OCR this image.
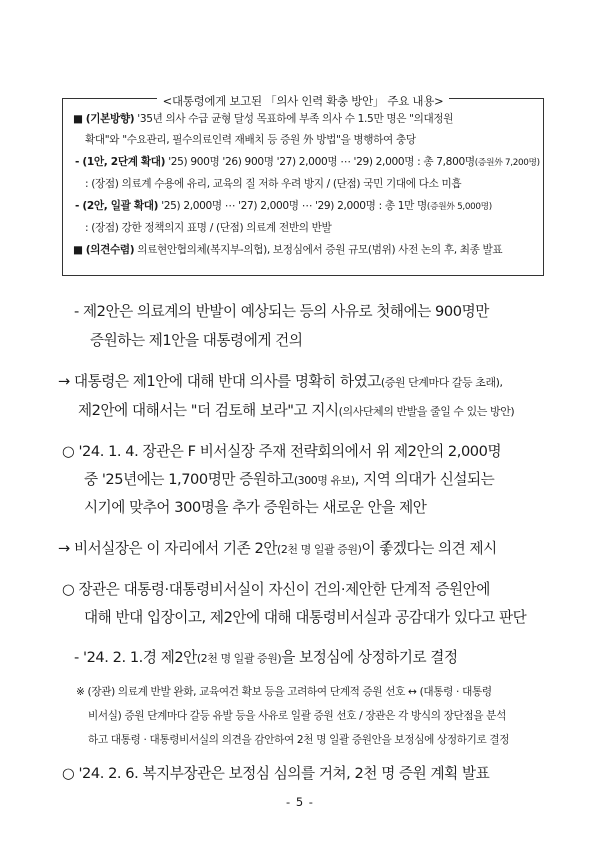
<대통령에게 보고된 「의사 인력 확충 방안」 주요 내용>
■ (기본방향) '35년 의사 수급 균형 달성 목표하에 부족 의사 수 1.5만 명은 "의대정원
확대"와 "수요관리, 필수의료인력 재배치 등 증원 外 방법"을 병행하여 충당
- (1안, 2단계 확대) '25) 900명 '26) 900명 '27) 2,000명 ⋯ '29) 2,000명 : 총 7,800명(증원外 7,200명)
: (장점) 의료계 수용에 유리, 교육의 질 저하 우려 방지 / (단점) 국민 기대에 다소 미흡
- (2안, 일괄 확대) '25) 2,000명 ⋯ '27) 2,000명 ⋯ '29) 2,000명 : 총 1만 명(증원外 5,000명)
: (장점) 강한 정책의지 표명 / (단점) 의료계 전반의 반발
■ (의견수렴) 의료현안협의체(복지부-의협), 보정심에서 증원 규모(범위) 사전 논의 후, 최종 발표
- 제2안은 의료계의 반발이 예상되는 등의 사유로 첫해에는 900명만
증원하는 제1안을 대통령에게 건의
→ 대통령은 제1안에 대해 반대 의사를 명확히 하였고(증원 단계마다 갈등 초래),
제2안에 대해서는 "더 검토해 보라"고 지시(의사단체의 반발을 줄일 수 있는 방안)
○ '24. 1. 4. 장관은 F 비서실장 주재 전략회의에서 위 제2안의 2,000명
중 '25년에는 1,700명만 증원하고(300명 유보), 지역 의대가 신설되는
시기에 맞추어 300명을 추가 증원하는 새로운 안을 제안
→ 비서실장은 이 자리에서 기존 2안(2천 명 일괄 증원)이 좋겠다는 의견 제시
○ 장관은 대통령·대통령비서실이 자신이 건의·제안한 단계적 증원안에
대해 반대 입장이고, 제2안에 대해 대통령비서실과 공감대가 있다고 판단
- '24. 2. 1.경 제2안(2천 명 일괄 증원)을 보정심에 상정하기로 결정
※ (장관) 의료계 반발 완화, 교육여건 확보 등을 고려하여 단계적 증원 선호 ↔ (대통령 · 대통령
비서실) 증원 단계마다 갈등 유발 등을 사유로 일괄 증원 선호 / 장관은 각 방식의 장단점을 분석
하고 대통령 · 대통령비서실의 의견을 감안하여 2천 명 일괄 증원안을 보정심에 상정하기로 결정
○ '24. 2. 6. 복지부장관은 보정심 심의를 거쳐, 2천 명 증원 계획 발표
- 5 -
